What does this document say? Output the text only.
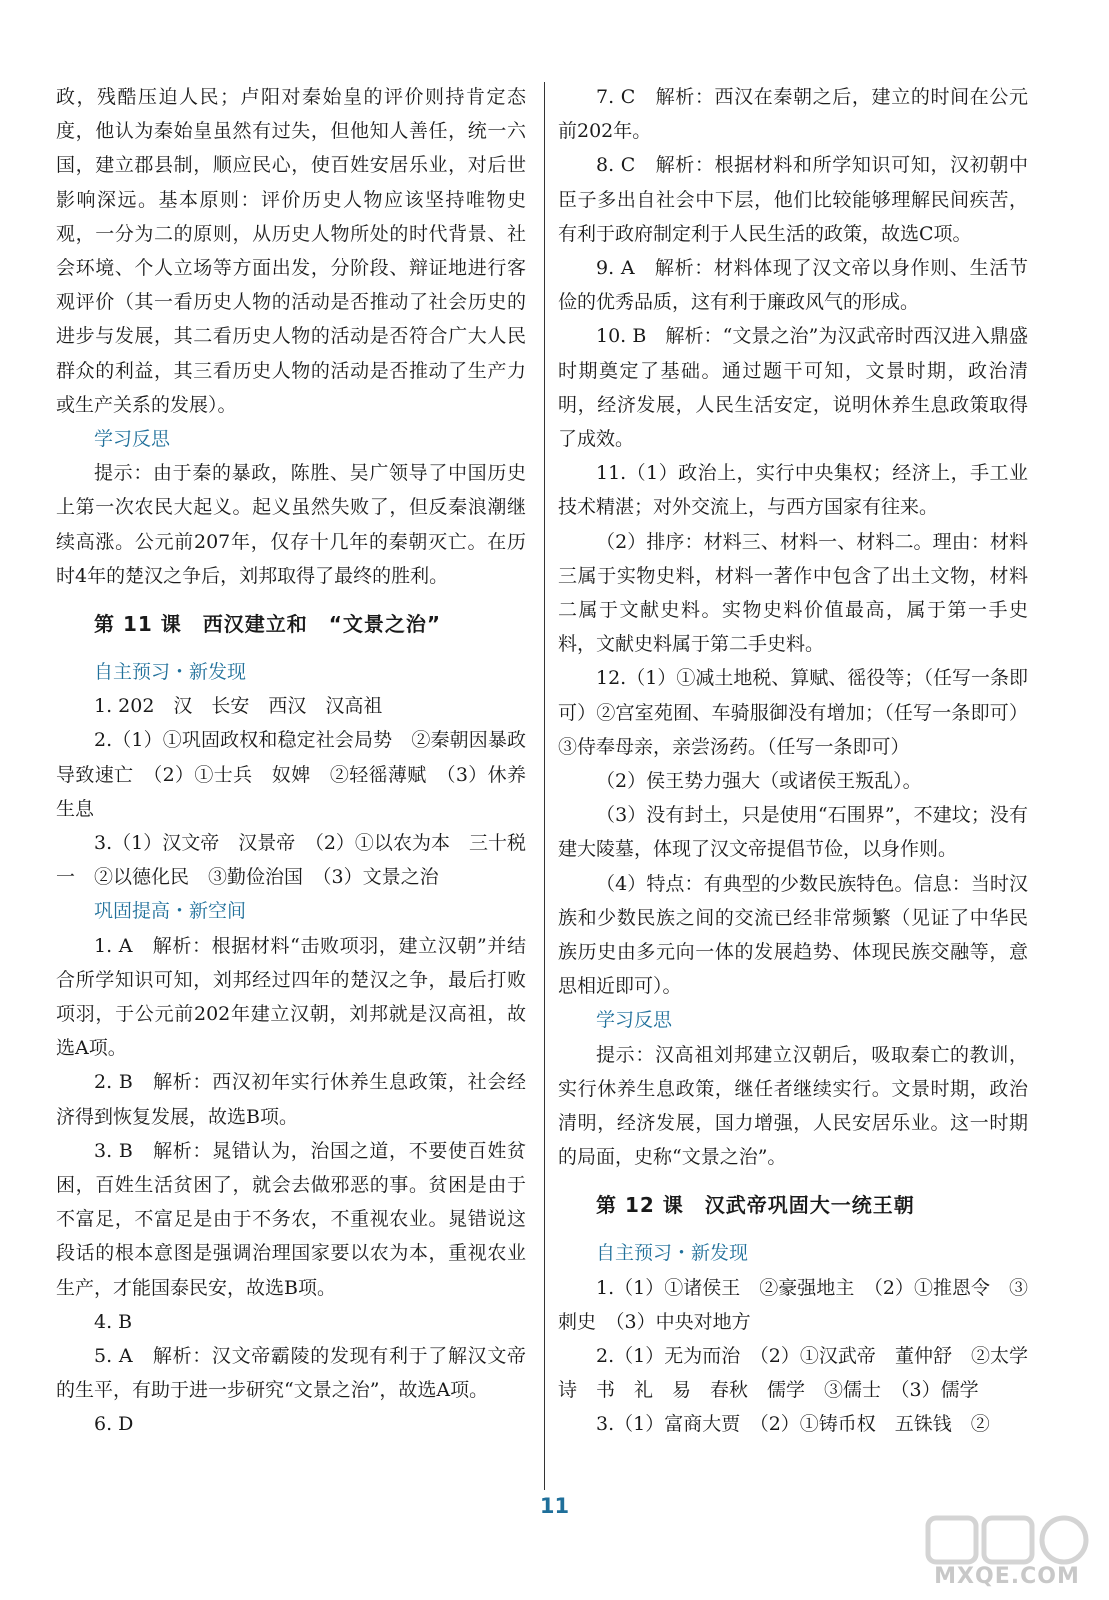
政，残酷压迫人民；卢阳对秦始皇的评价则持肯定态度，他认为秦始皇虽然有过失，但他知人善任，统一六国，建立郡县制，顺应民心，使百姓安居乐业，对后世影响深远。基本原则：评价历史人物应该坚持唯物史观，一分为二的原则，从历史人物所处的时代背景、社会环境、个人立场等方面出发，分阶段、辩证地进行客观评价（其一看历史人物的活动是否推动了社会历史的进步与发展，其二看历史人物的活动是否符合广大人民群众的利益，其三看历史人物的活动是否推动了生产力或生产关系的发展）。
学习反思
提示：由于秦的暴政，陈胜、吴广领导了中国历史上第一次农民大起义。起义虽然失败了，但反秦浪潮继续高涨。公元前207年，仅存十几年的秦朝灭亡。在历时4年的楚汉之争后，刘邦取得了最终的胜利。
第 11 课　西汉建立和　“文景之治”
自主预习・新发现
1. 202　汉　长安　西汉　汉高祖
2.（1）①巩固政权和稳定社会局势　②秦朝因暴政导致速亡　（2）①士兵　奴婢　②轻徭薄赋　（3）休养生息
3.（1）汉文帝　汉景帝　（2）①以农为本　三十税一　②以德化民　③勤俭治国　（3）文景之治
巩固提高・新空间
1. A　解析：根据材料“击败项羽，建立汉朝”并结合所学知识可知，刘邦经过四年的楚汉之争，最后打败项羽，于公元前202年建立汉朝，刘邦就是汉高祖，故选A项。
2. B　解析：西汉初年实行休养生息政策，社会经济得到恢复发展，故选B项。
3. B　解析：晁错认为，治国之道，不要使百姓贫困，百姓生活贫困了，就会去做邪恶的事。贫困是由于不富足，不富足是由于不务农，不重视农业。晁错说这段话的根本意图是强调治理国家要以农为本，重视农业生产，才能国泰民安，故选B项。
4. B
5. A　解析：汉文帝霸陵的发现有利于了解汉文帝的生平，有助于进一步研究“文景之治”，故选A项。
6. D
7. C　解析：西汉在秦朝之后，建立的时间在公元前202年。
8. C　解析：根据材料和所学知识可知，汉初朝中臣子多出自社会中下层，他们比较能够理解民间疾苦，有利于政府制定利于人民生活的政策，故选C项。
9. A　解析：材料体现了汉文帝以身作则、生活节俭的优秀品质，这有利于廉政风气的形成。
10. B　解析：“文景之治”为汉武帝时西汉进入鼎盛时期奠定了基础。通过题干可知，文景时期，政治清明，经济发展，人民生活安定，说明休养生息政策取得了成效。
11.（1）政治上，实行中央集权；经济上，手工业技术精湛；对外交流上，与西方国家有往来。
（2）排序：材料三、材料一、材料二。理由：材料三属于实物史料，材料一著作中包含了出土文物，材料二属于文献史料。实物史料价值最高，属于第一手史料，文献史料属于第二手史料。
12.（1）①减土地税、算赋、徭役等；（任写一条即可）②宫室苑囿、车骑服御没有增加；（任写一条即可）③侍奉母亲，亲尝汤药。（任写一条即可）
（2）侯王势力强大（或诸侯王叛乱）。
（3）没有封土，只是使用“石围界”，不建坟；没有建大陵墓，体现了汉文帝提倡节俭，以身作则。
（4）特点：有典型的少数民族特色。信息：当时汉族和少数民族之间的交流已经非常频繁（见证了中华民族历史由多元向一体的发展趋势、体现民族交融等，意思相近即可）。
学习反思
提示：汉高祖刘邦建立汉朝后，吸取秦亡的教训，实行休养生息政策，继任者继续实行。文景时期，政治清明，经济发展，国力增强，人民安居乐业。这一时期的局面，史称“文景之治”。
第 12 课　汉武帝巩固大一统王朝
自主预习・新发现
1.（1）①诸侯王　②豪强地主　（2）①推恩令　③刺史　（3）中央对地方
2.（1）无为而治　（2）①汉武帝　董仲舒　②太学　诗　书　礼　易　春秋　儒学　③儒士　（3）儒学
3.（1）富商大贾　（2）①铸币权　五铢钱　②
11
MXQE.COM
